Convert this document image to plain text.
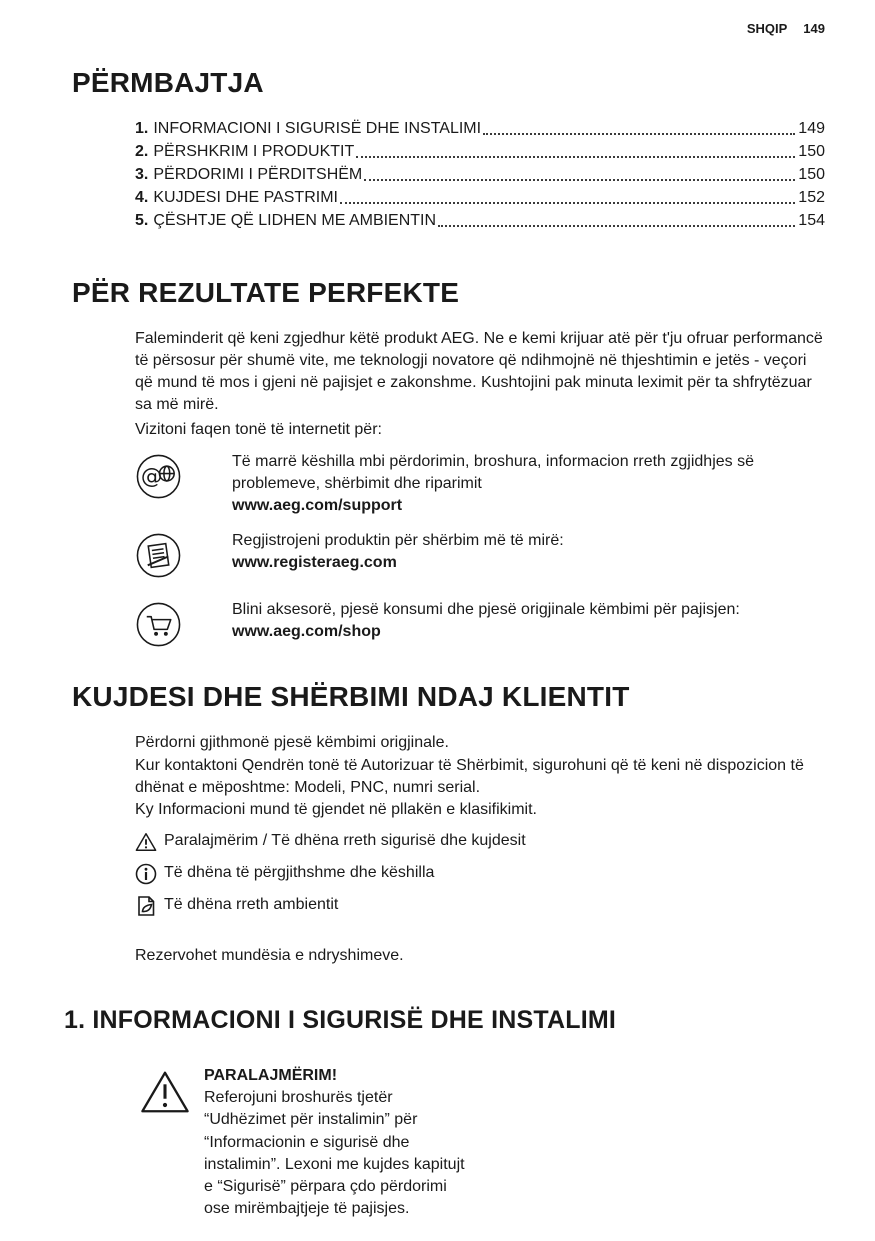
SHQIP 149
PËRMBAJTJA
1. INFORMACIONI I SIGURISË DHE INSTALIMI	149
2. PËRSHKRIM I PRODUKTIT	150
3. PËRDORIMI I PËRDITSHËM	150
4. KUJDESI DHE PASTRIMI	152
5. ÇËSHTJE QË LIDHEN ME AMBIENTIN	154
PËR REZULTATE PERFEKTE

Faleminderit që keni zgjedhur këtë produkt AEG. Ne e kemi krijuar atë për t'ju ofruar performancë të përsosur për shumë vite, me teknologji novatore që ndihmojnë në thjeshtimin e jetës - veçori që mund të mos i gjeni në pajisjet e zakonshme. Kushtojini pak minuta leximit për ta shfrytëzuar sa më mirë.

Vizitoni faqen tonë të internetit për:

@
Të marrë këshilla mbi përdorimin, broshura, informacion rreth zgjidhjes së problemeve, shërbimit dhe riparimit
www.aeg.com/support
Regjistrojeni produktin për shërbim më të mirë:
www.registeraeg.com
Blini aksesorë, pjesë konsumi dhe pjesë origjinale këmbimi për pajisjen:
www.aeg.com/shop
KUJDESI DHE SHËRBIMI NDAJ KLIENTIT

Përdorni gjithmonë pjesë këmbimi origjinale.

Kur kontaktoni Qendrën tonë të Autorizuar të Shërbimit, sigurohuni që të keni në dispozicion të dhënat e mëposhtme: Modeli, PNC, numri serial.

Ky Informacioni mund të gjendet në pllakën e klasifikimit.

Paralajmërim / Të dhëna rreth sigurisë dhe kujdesit
Të dhëna të përgjithshme dhe këshilla
Të dhëna rreth ambientit

Rezervohet mundësia e ndryshimeve.

1. INFORMACIONI I SIGURISË DHE INSTALIMI
PARALAJMËRIM!
Referojuni broshurës tjetër “Udhëzimet për instalimin” për “Informacionin e sigurisë dhe instalimin”. Lexoni me kujdes kapitujt e “Sigurisë” përpara çdo përdorimi ose mirëmbajtjeje të pajisjes.
